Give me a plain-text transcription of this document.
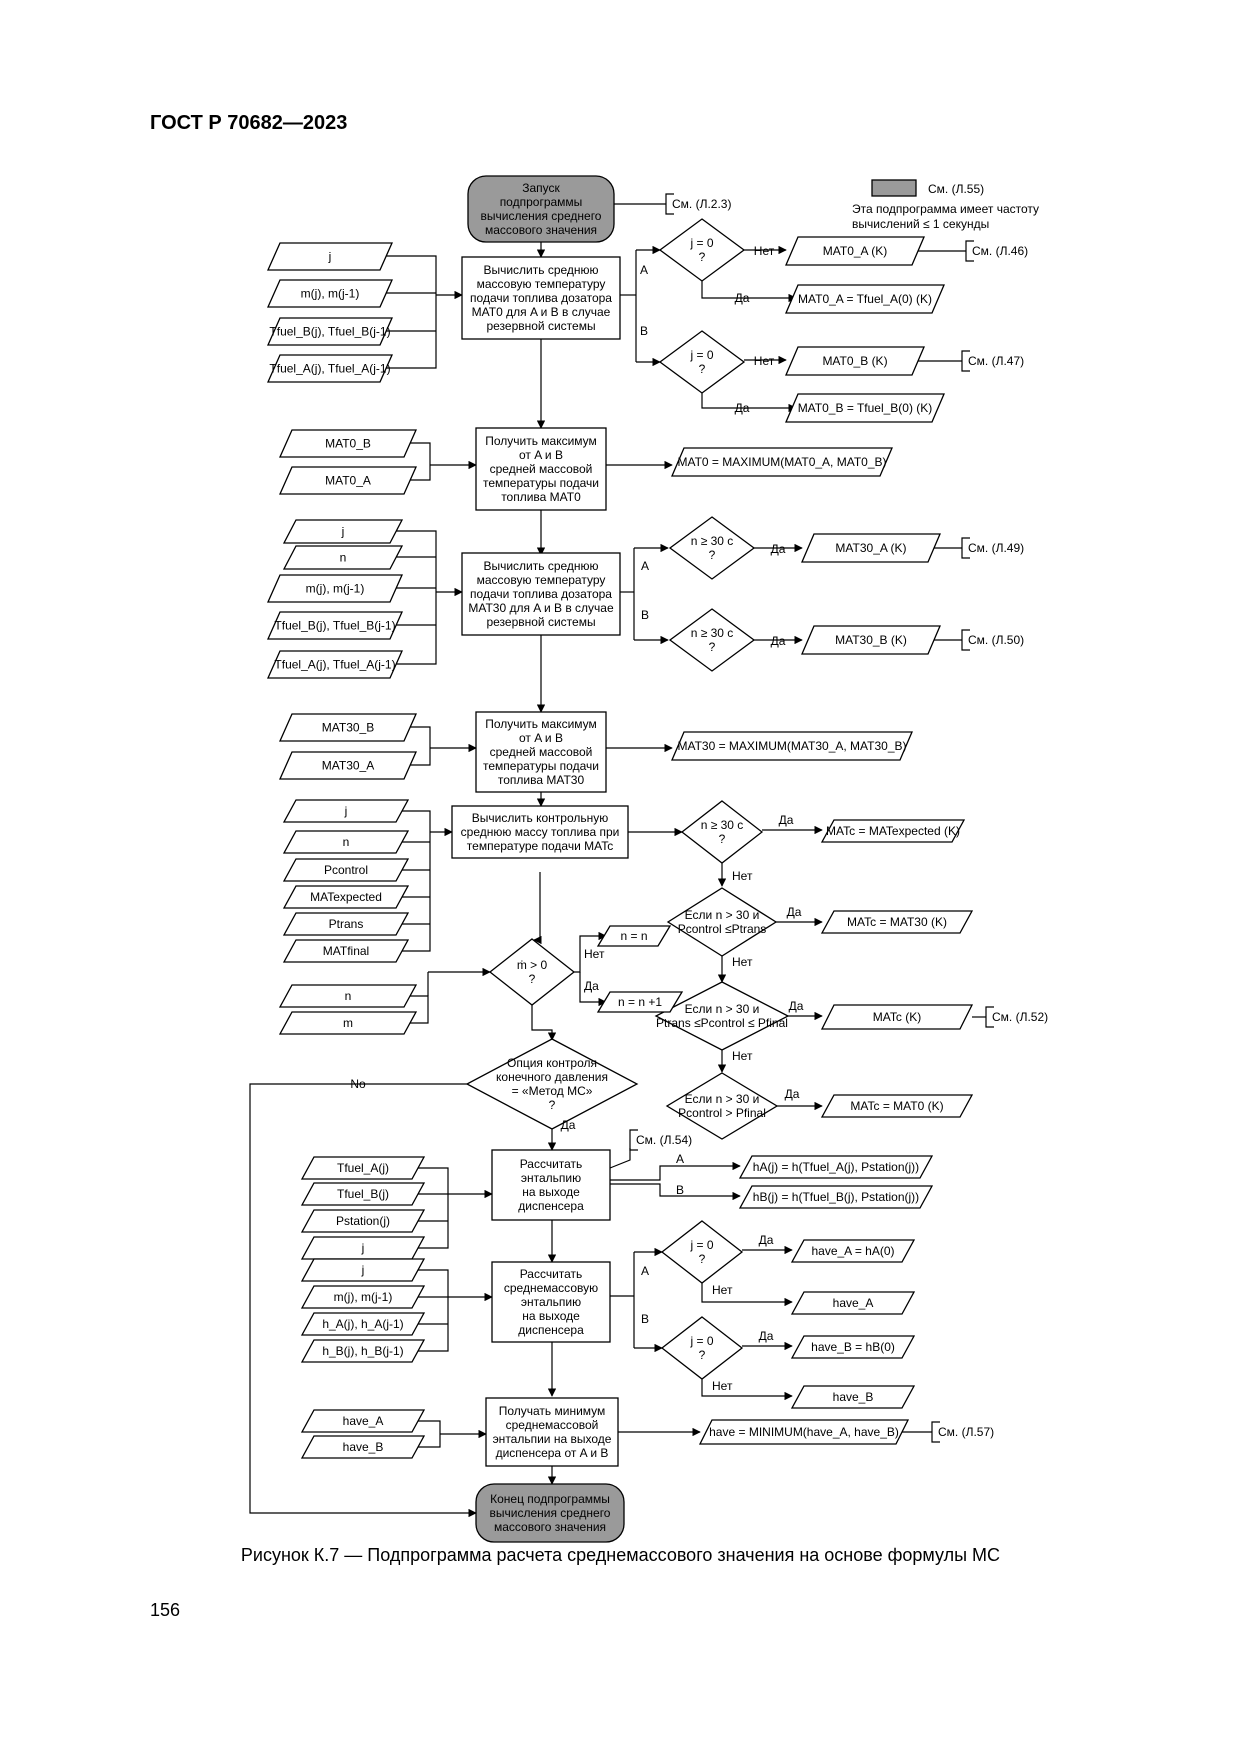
ГОСТ Р 70682—2023
См. (Л.55)
Эта подпрограмма имеет частоту
вычислений ≤ 1 секунды
Запуск
подпрограммы
вычисления среднего
массового значения
См. (Л.2.3)
j
m(j), m(j-1)
Tfuel_B(j), Tfuel_B(j-1)
Tfuel_A(j), Tfuel_A(j-1)
Вычислить среднюю
массовую температуру
подачи топлива дозатора
MAT0 для A и B в случае
резервной системы
A
B
j = 0
?	Нет	MAT0_A (K)	См. (Л.46)
Да	MAT0_A = Tfuel_A(0) (K)
j = 0
?
Нет	MAT0_B (K)	См. (Л.47)
Да	MAT0_B = Tfuel_B(0) (K)
MAT0_B
MAT0_A
Получить максимум
от A и B
средней массовой
температуры подачи
топлива MAT0
MAT0 = MAXIMUM(MAT0_A, MAT0_B)
j
n
m(j), m(j-1)
Tfuel_B(j), Tfuel_B(j-1)
Tfuel_A(j), Tfuel_A(j-1)
Вычислить среднюю
массовую температуру
подачи топлива дозатора
MAT30 для A и B в случае
резервной системы
A
B
n ≥ 30 с
?	Да	MAT30_A (K)	См. (Л.49)
n ≥ 30 с
?	Да	MAT30_B (K)	См. (Л.50)
MAT30_B
MAT30_A
Получить максимум
от A и B
средней массовой
температуры подачи
топлива MAT30
MAT30 = MAXIMUM(MAT30_A, MAT30_B)
j
n
Pcontrol
MATexpected
Ptrans
MATfinal
Вычислить контрольную
среднюю массу топлива при
температуре подачи MATc
n ≥ 30 с
?
Да
MATc = MATexpected (K)
Нет
Если n > 30 и
Pcontrol ≤Ptrans
Да
MATc = MAT30 (K)
Нет
Если n > 30 и
Ptrans ≤Pcontrol ≤ Pfinal
Да
MATc (K)	См. (Л.52)
Нет
Если n > 30 и
Pcontrol > Pfinal
Да
MATc = MAT0 (K)
n
m
ṁ > 0
?
Нет
Да
n = n
n = n +1
Опция контроля
конечного давления
= «Метод МС»
?
No
Да
Tfuel_A(j)
Tfuel_B(j)
Pstation(j)
j
Рассчитать
энтальпию
на выходе
диспенсера
См. (Л.54)
A
B
hA(j) = h(Tfuel_A(j), Pstation(j))
hB(j) = h(Tfuel_B(j), Pstation(j))
j
m(j), m(j-1)
h_A(j), h_A(j-1)
h_B(j), h_B(j-1)
Рассчитать
среднемассовую
энтальпию
на выходе
диспенсера
A
B
j = 0
?
Да
have_A = hA(0)
Нет
have_A
j = 0
?
Да
have_B = hB(0)
Нет
have_B
have_A
have_B
Получать минимум
среднемассовой
энтальпии на выходе
диспенсера от A и B
have = MINIMUM(have_A, have_B)	См. (Л.57)
Конец подпрограммы
вычисления среднего
массового значения
Рисунок К.7 — Подпрограмма расчета среднемассового значения на основе формулы МС
156
